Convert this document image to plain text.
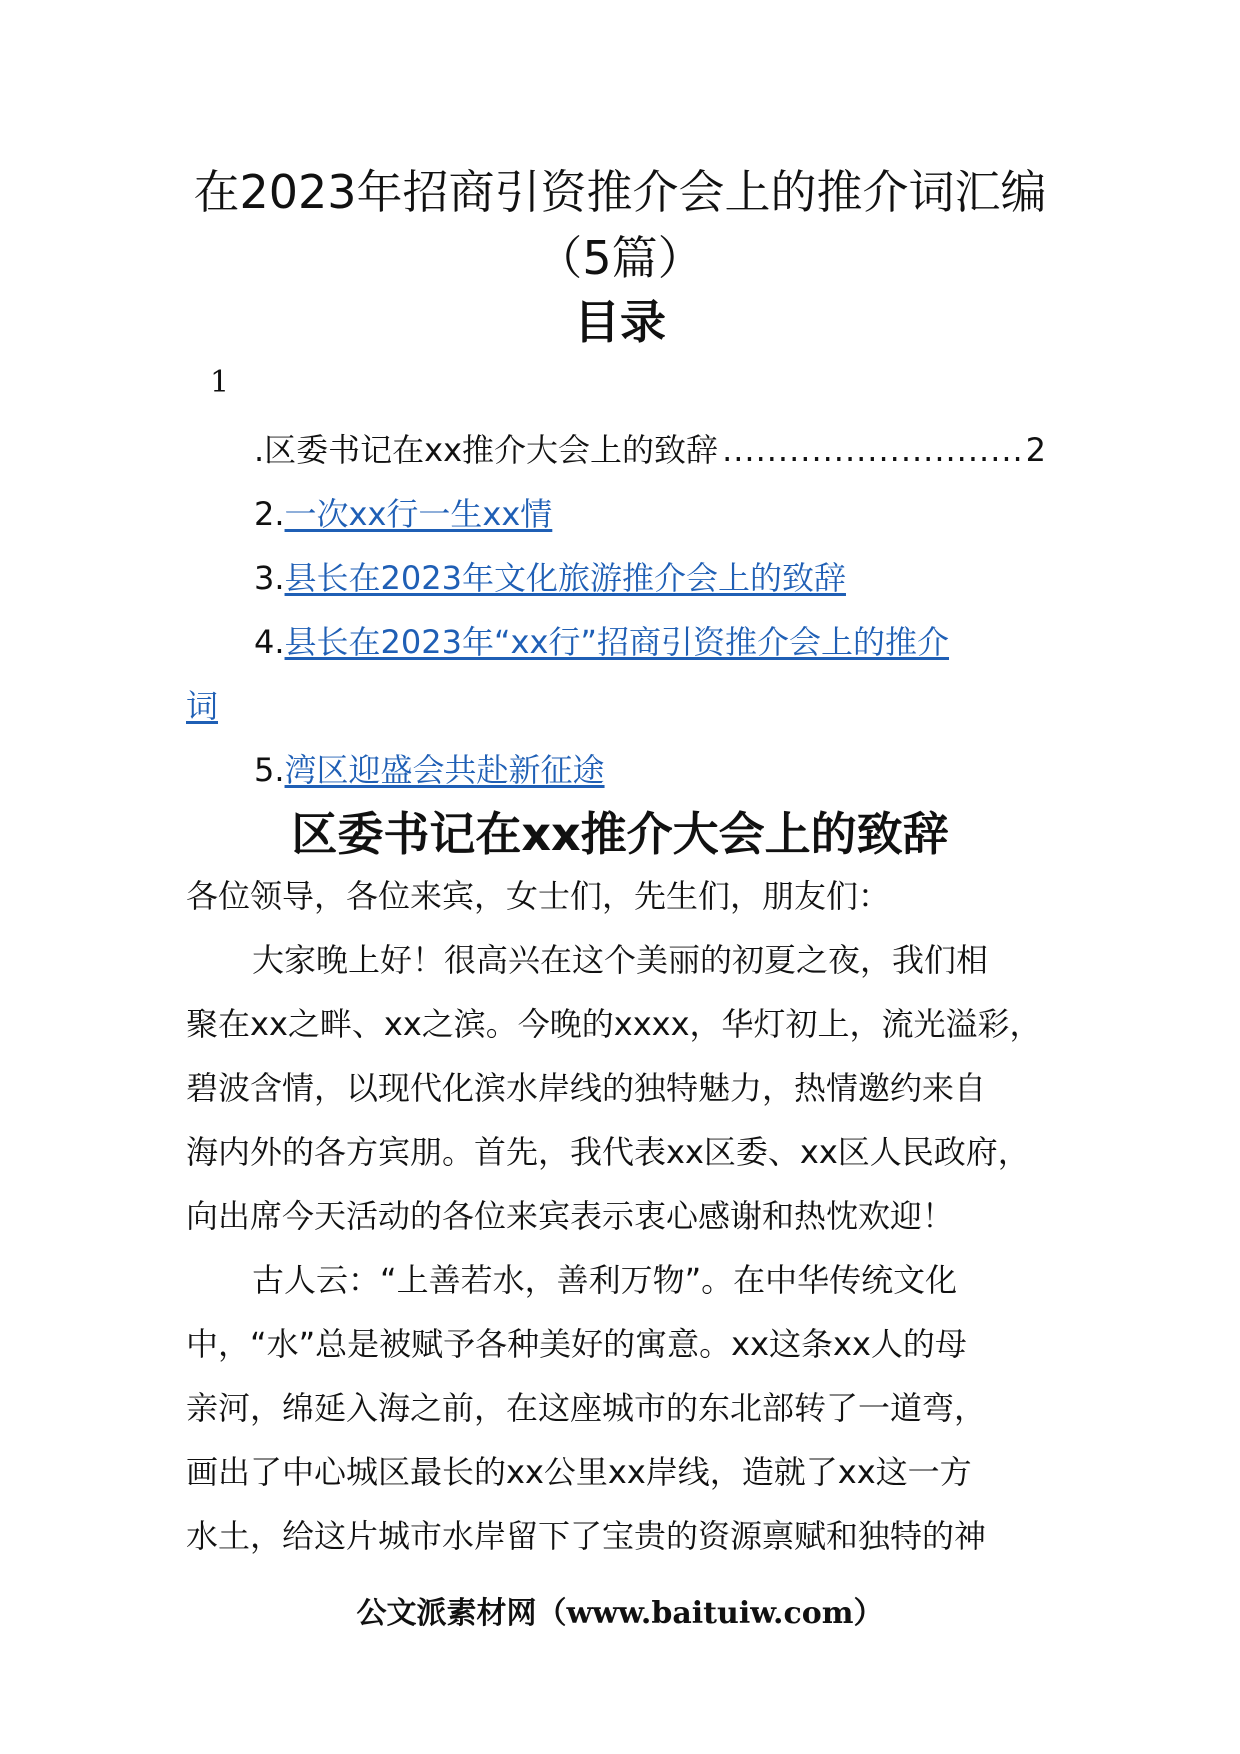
在2023年招商引资推介会上的推介词汇编
（5篇）
目录
1
.区委书记在xx推介大会上的致辞
.....	2
2.一次xx行一生xx情
3.县长在2023年文化旅游推介会上的致辞
4.县长在2023年“xx行”招商引资推介会上的推介
词
5.湾区迎盛会共赴新征途
区委书记在xx推介大会上的致辞
各位领导，各位来宾，女士们，先生们，朋友们：
大家晚上好！很高兴在这个美丽的初夏之夜，我们相
聚在xx之畔、xx之滨。今晚的xxxx，华灯初上，流光溢彩，
碧波含情，以现代化滨水岸线的独特魅力，热情邀约来自
海内外的各方宾朋。首先，我代表xx区委、xx区人民政府，
向出席今天活动的各位来宾表示衷心感谢和热忱欢迎！
古人云：“上善若水，善利万物”。在中华传统文化
中，“水”总是被赋予各种美好的寓意。xx这条xx人的母
亲河，绵延入海之前，在这座城市的东北部转了一道弯，
画出了中心城区最长的xx公里xx岸线，造就了xx这一方
水土，给这片城市水岸留下了宝贵的资源禀赋和独特的神
公文派素材网（www.baituiw.com）
